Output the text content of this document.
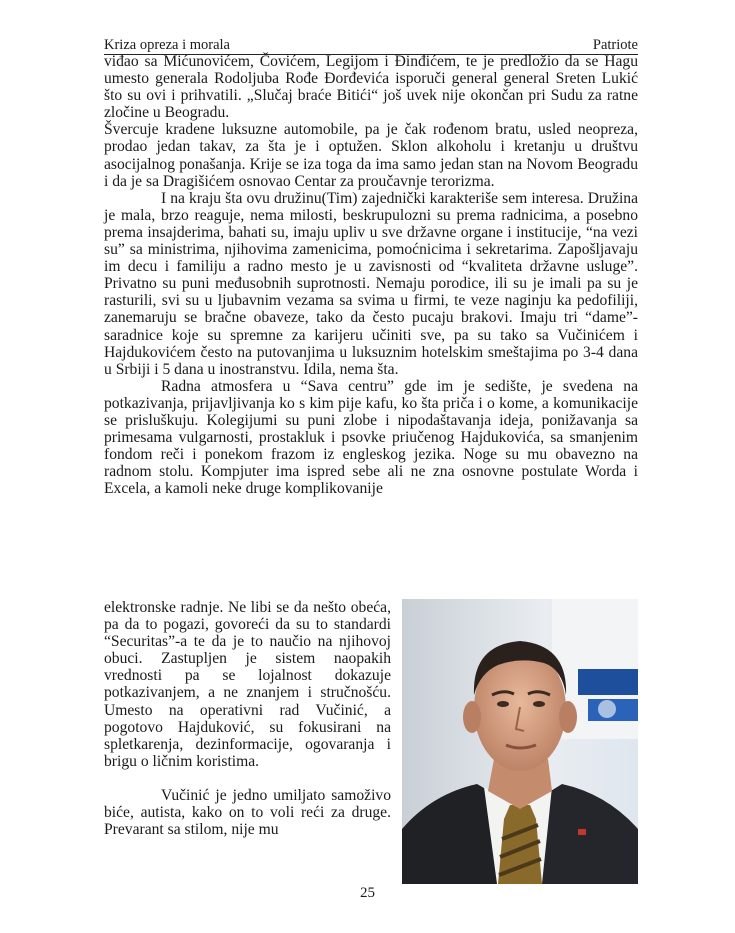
Kriza opreza i morala	Patriote

viđao sa Mićunovićem, Čovićem, Legijom i Đinđićem, te je predložio da se Hagu umesto generala Rodoljuba Rođe Đorđevića isporuči general general Sreten Lukić što su ovi i prihvatili. „Slučaj braće Bitići“ još uvek nije okončan pri Sudu za ratne zločine u Beogradu.

Švercuje kradene luksuzne automobile, pa je čak rođenom bratu, usled neopreza, prodao jedan takav, za šta je i optužen. Sklon alkoholu i kretanju u društvu asocijalnog ponašanja. Krije se iza toga da ima samo jedan stan na Novom Beogradu i da je sa Dragišićem osnovao Centar za proučavnje terorizma.

I na kraju šta ovu družinu(Tim) zajednički karakteriše sem interesa. Družina je mala, brzo reaguje, nema milosti, beskrupulozni su prema radnicima, a posebno prema insajderima, bahati su, imaju upliv u sve državne organe i institucije, “na vezi su” sa ministrima, njihovima zamenicima, pomoćnicima i sekretarima. Zapošljavaju im decu i familiju a radno mesto je u zavisnosti od “kvaliteta državne usluge”. Privatno su puni međusobnih suprotnosti. Nemaju porodice, ili su je imali pa su je rasturili, svi su u ljubavnim vezama sa svima u firmi, te veze naginju ka pedofiliji, zanemaruju se bračne obaveze, tako da često pucaju brakovi. Imaju tri “dame”-saradnice koje su spremne za karijeru učiniti sve, pa su tako sa Vučinićem i Hajdukovićem često na putovanjima u luksuznim hotelskim smeštajima po 3-4 dana u Srbiji i 5 dana u inostranstvu. Idila, nema šta.

Radna atmosfera u “Sava centru” gde im je sedište, je svedena na potkazivanja, prijavljivanja ko s kim pije kafu, ko šta priča i o kome, a komunikacije se prisluškuju. Kolegijumi su puni zlobe i nipodaštavanja ideja, ponižavanja sa primesama vulgarnosti, prostakluk i psovke priučenog Hajdukovića, sa smanjenim fondom reči i ponekom frazom iz engleskog jezika. Noge su mu obavezno na radnom stolu. Kompjuter ima ispred sebe ali ne zna osnovne postulate Worda i Excela, a kamoli neke druge komplikovanije

elektronske radnje. Ne libi se da nešto obeća, pa da to pogazi, govoreći da su to standardi “Securitas”-a te da je to naučio na njihovoj obuci. Zastupljen je sistem naopakih vrednosti pa se lojalnost dokazuje potkazivanjem, a ne znanjem i stručnošću. Umesto na operativni rad Vučinić, a pogotovo Hajduković, su fokusirani na spletkarenja, dezinformacije, ogovaranja i brigu o ličnim koristima.

Vučinić je jedno umiljato samoživo biće, autista, kako on to voli reći za druge. Prevarant sa stilom, nije mu

25
